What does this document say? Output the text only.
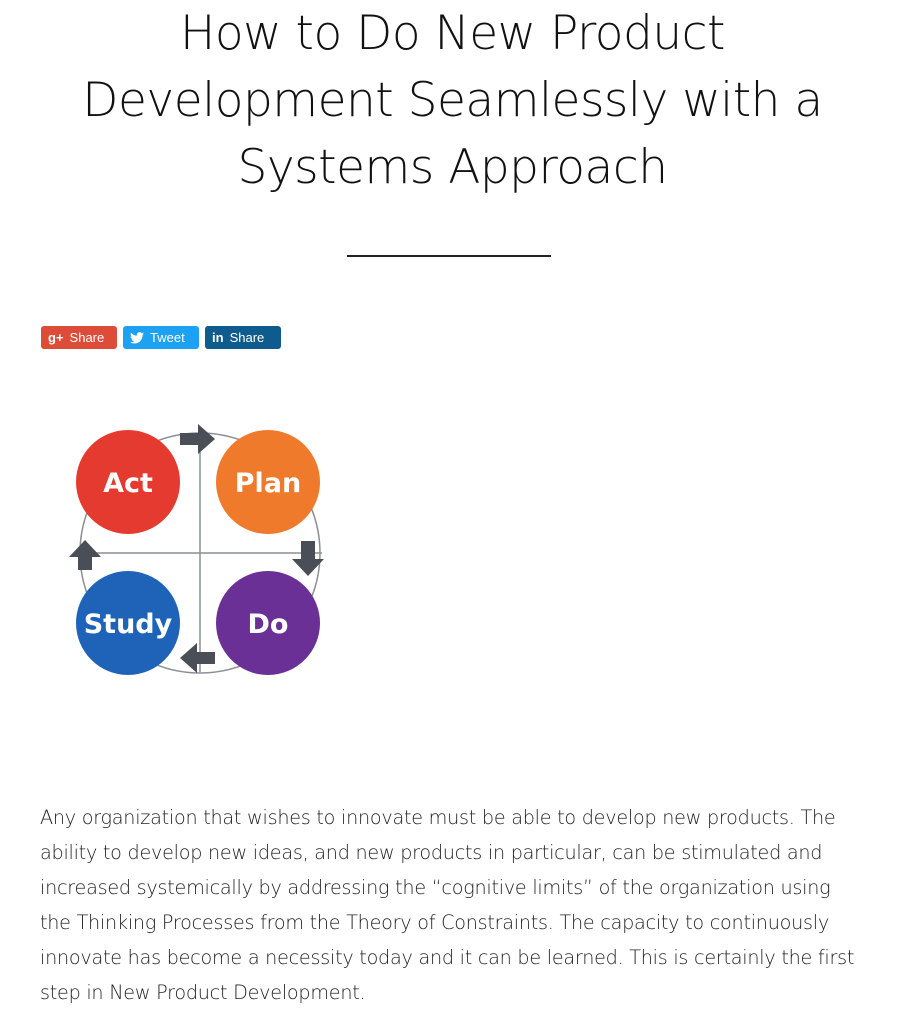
How to Do New Product Development Seamlessly with a Systems Approach
g+ Share	Tweet in Share
Act	Plan
Study	Do

Any organization that wishes to innovate must be able to develop new products. The ability to develop new ideas, and new products in particular, can be stimulated and increased systemically by addressing the “cognitive limits” of the organization using the Thinking Processes from the Theory of Constraints. The capacity to continuously innovate has become a necessity today and it can be learned. This is certainly the first step in New Product Development.
